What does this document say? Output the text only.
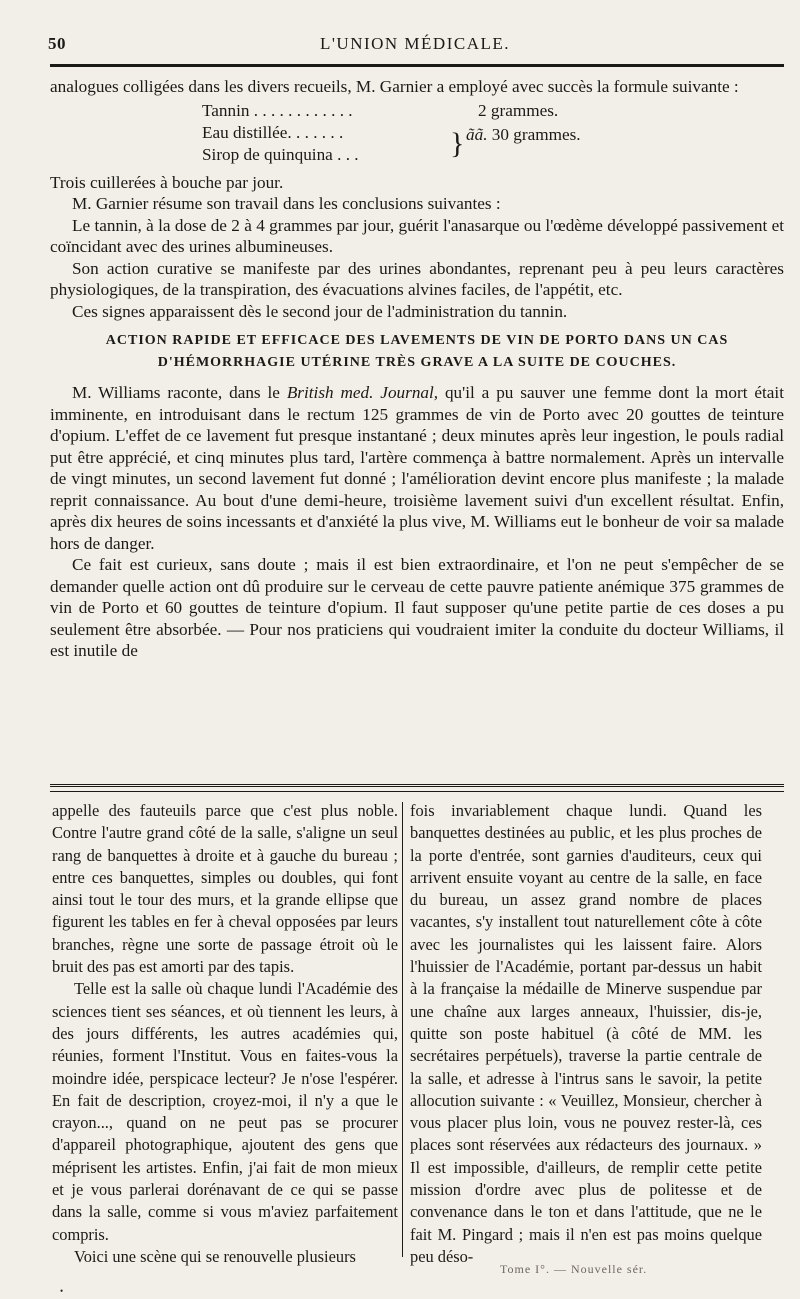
50	L'UNION MÉDICALE.

analogues colligées dans les divers recueils, M. Garnier a employé avec succès la formule suivante :

Tannin . . . . . . . . . . . .	2 grammes.
Eau distillée. . . . . . .
Sirop de quinquina . . .
}
ãã. 30 grammes.

Trois cuillerées à bouche par jour.

M. Garnier résume son travail dans les conclusions suivantes :

Le tannin, à la dose de 2 à 4 grammes par jour, guérit l'anasarque ou l'œdème développé passivement et coïncidant avec des urines albumineuses.

Son action curative se manifeste par des urines abondantes, reprenant peu à peu leurs caractères physiologiques, de la transpiration, des évacuations alvines faciles, de l'appétit, etc.

Ces signes apparaissent dès le second jour de l'administration du tannin.

ACTION RAPIDE ET EFFICACE DES LAVEMENTS DE VIN DE PORTO DANS UN CAS
D'HÉMORRHAGIE UTÉRINE TRÈS GRAVE A LA SUITE DE COUCHES.

M. Williams raconte, dans le British med. Journal, qu'il a pu sauver une femme dont la mort était imminente, en introduisant dans le rectum 125 grammes de vin de Porto avec 20 gouttes de teinture d'opium. L'effet de ce lavement fut presque instantané ; deux minutes après leur ingestion, le pouls radial put être apprécié, et cinq minutes plus tard, l'artère commença à battre normalement. Après un intervalle de vingt minutes, un second lavement fut donné ; l'amélioration devint encore plus manifeste ; la malade reprit connaissance. Au bout d'une demi-heure, troisième lavement suivi d'un excellent résultat. Enfin, après dix heures de soins incessants et d'anxiété la plus vive, M. Williams eut le bonheur de voir sa malade hors de danger.

Ce fait est curieux, sans doute ; mais il est bien extraordinaire, et l'on ne peut s'empêcher de se demander quelle action ont dû produire sur le cerveau de cette pauvre patiente anémique 375 grammes de vin de Porto et 60 gouttes de teinture d'opium. Il faut supposer qu'une petite partie de ces doses a pu seulement être absorbée. — Pour nos praticiens qui voudraient imiter la conduite du docteur Williams, il est inutile de

appelle des fauteuils parce que c'est plus noble. Contre l'autre grand côté de la salle, s'aligne un seul rang de banquettes à droite et à gauche du bureau ; entre ces banquettes, simples ou doubles, qui font ainsi tout le tour des murs, et la grande ellipse que figurent les tables en fer à cheval opposées par leurs branches, règne une sorte de passage étroit où le bruit des pas est amorti par des tapis.

Telle est la salle où chaque lundi l'Académie des sciences tient ses séances, et où tiennent les leurs, à des jours différents, les autres académies qui, réunies, forment l'Institut. Vous en faites-vous la moindre idée, perspicace lecteur? Je n'ose l'espérer. En fait de description, croyez-moi, il n'y a que le crayon..., quand on ne peut pas se procurer d'appareil photographique, ajoutent des gens que méprisent les artistes. Enfin, j'ai fait de mon mieux et je vous parlerai dorénavant de ce qui se passe dans la salle, comme si vous m'aviez parfaitement compris.

Voici une scène qui se renouvelle plusieurs

fois invariablement chaque lundi. Quand les banquettes destinées au public, et les plus proches de la porte d'entrée, sont garnies d'auditeurs, ceux qui arrivent ensuite voyant au centre de la salle, en face du bureau, un assez grand nombre de places vacantes, s'y installent tout naturellement côte à côte avec les journalistes qui les laissent faire. Alors l'huissier de l'Académie, portant par-dessus un habit à la française la médaille de Minerve suspendue par une chaîne aux larges anneaux, l'huissier, dis-je, quitte son poste habituel (à côté de MM. les secrétaires perpétuels), traverse la partie centrale de la salle, et adresse à l'intrus sans le savoir, la petite allocution suivante : « Veuillez, Monsieur, chercher à vous placer plus loin, vous ne pouvez rester-là, ces places sont réservées aux rédacteurs des journaux. » Il est impossible, d'ailleurs, de remplir cette petite mission d'ordre avec plus de politesse et de convenance dans le ton et dans l'attitude, que ne le fait M. Pingard ; mais il n'en est pas moins quelque peu déso-

Tome I°. — Nouvelle sér.
•
